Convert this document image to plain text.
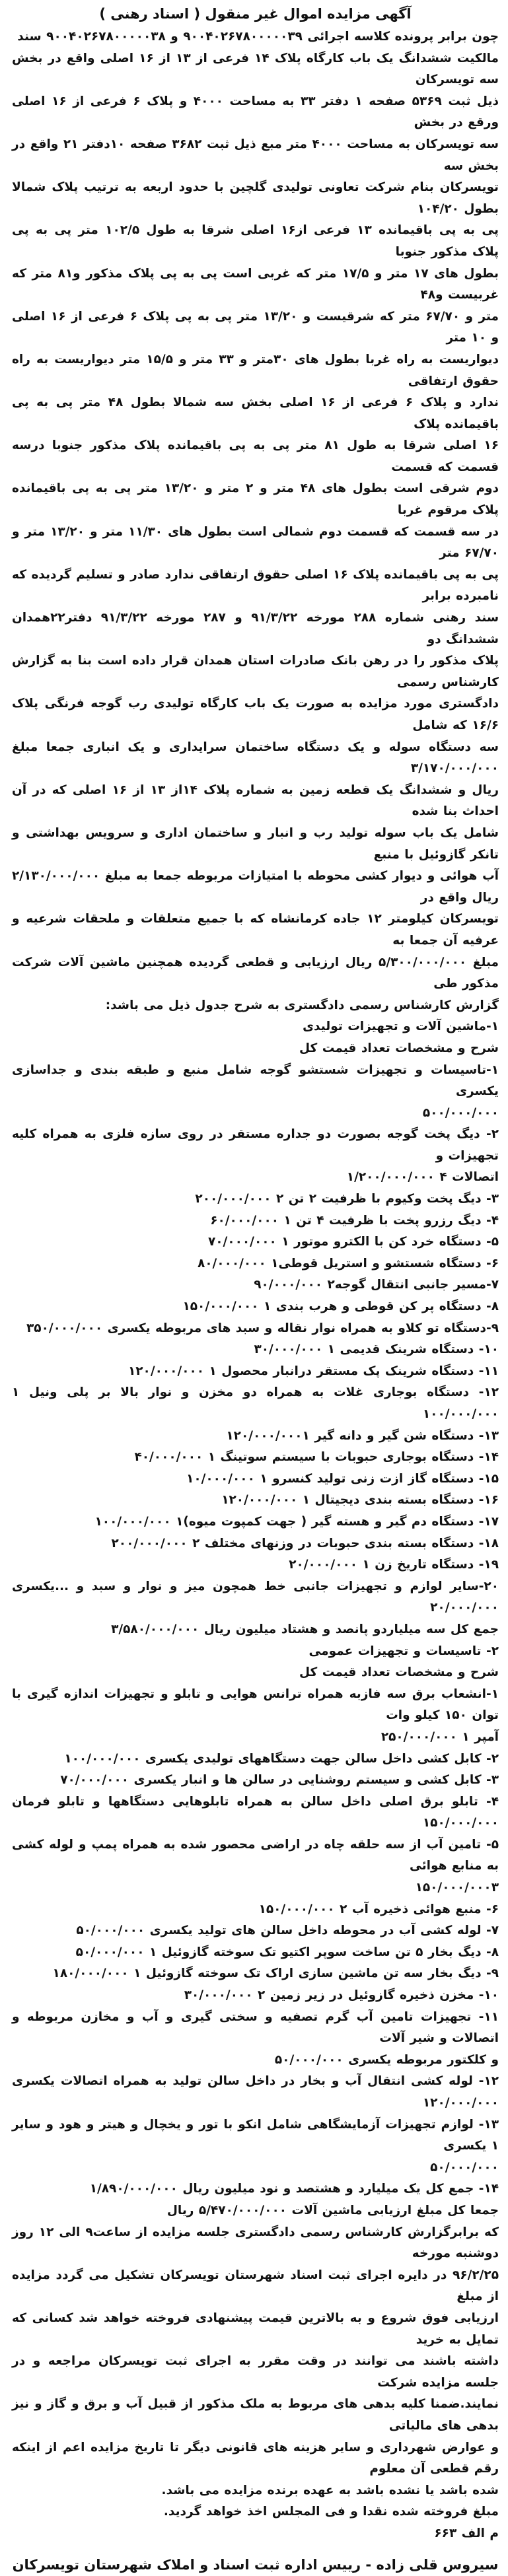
آگهی مزایده اموال غیر منقول ( اسناد رهنی )
چون برابر پرونده کلاسه اجرائی ۹۰۰۴۰۲۶۷۸۰۰۰۰۰۳۹ و ۹۰۰۴۰۲۶۷۸۰۰۰۰۰۳۸ سند
مالکیت ششدانگ یک باب کارگاه پلاک ۱۴ فرعی از ۱۳ از ۱۶ اصلی واقع در بخش سه تویسرکان
ذیل ثبت ۵۳۶۹ صفحه ۱ دفتر ۳۳ به مساحت ۴۰۰۰ و پلاک ۶ فرعی از ۱۶ اصلی ورقع در بخش
سه تویسرکان به مساحت ۴۰۰۰ متر مبع ذیل ثبت ۳۶۸۲ صفحه ۱۰دفتر ۲۱ واقع در بخش سه
تویسرکان بنام شرکت تعاونی تولیدی گلچین با حدود اربعه به ترتیب پلاک شمالا بطول ۱۰۴/۲۰
پی به پی باقیمانده ۱۳ فرعی از۱۶ اصلی شرقا به طول ۱۰۲/۵ متر پی به پی پلاک مذکور جنوبا
بطول های ۱۷ متر و ۱۷/۵ متر که غربی است پی به پی پلاک مذکور و۸۱ متر که غربیست و۴۸
متر و ۶۷/۷۰ متر که شرقیست و ۱۳/۲۰ متر پی به پی پلاک ۶ فرعی از ۱۶ اصلی و ۱۰ متر
دیواریست به راه غربا بطول های ۳۰متر و ۳۳ متر و ۱۵/۵ متر دیواریست به راه حقوق ارتفاقی
ندارد و پلاک ۶ فرعی از ۱۶ اصلی بخش سه شمالا بطول ۴۸ متر پی به پی باقیمانده پلاک
۱۶ اصلی شرقا به طول ۸۱ متر پی به پی باقیمانده پلاک مذکور جنوبا درسه قسمت که قسمت
دوم شرقی است بطول های ۴۸ متر و ۲ متر و ۱۳/۲۰ متر پی به پی باقیمانده پلاک مرقوم غربا
در سه قسمت که قسمت دوم شمالی است بطول های ۱۱/۳۰ متر و ۱۳/۲۰ متر و ۶۷/۷۰ متر
پی به پی باقیمانده پلاک ۱۶ اصلی حقوق ارتفاقی ندارد صادر و تسلیم گردیده که نامبرده برابر
سند رهنی شماره ۲۸۸ مورخه ۹۱/۳/۲۲ و ۲۸۷ مورخه ۹۱/۳/۲۲ دفتر۲۲همدان ششدانگ دو
پلاک مذکور را در رهن بانک صادرات استان همدان قرار داده است بنا به گزارش کارشناس رسمی
دادگستری مورد مزایده به صورت یک باب کارگاه تولیدی رب گوجه فرنگی پلاک ۱۶/۶ که شامل
سه دستگاه سوله و یک دستگاه ساختمان سرایداری و یک انباری جمعا مبلغ ۳/۱۷۰/۰۰۰/۰۰۰
ریال و ششدانگ یک قطعه زمین به شماره پلاک ۱۴از ۱۳ از ۱۶ اصلی که در آن احداث بنا شده
شامل یک باب سوله تولید رب و انبار و ساختمان اداری و سرویس بهداشتی و تانکر گازوئیل با منبع
آب هوائی و دیوار کشی محوطه با امتیازات مربوطه جمعا به مبلغ ۲/۱۳۰/۰۰۰/۰۰۰ ریال واقع در
تویسرکان کیلومتر ۱۲ جاده کرمانشاه که با جمیع متعلقات و ملحقات شرعیه و عرفیه آن جمعا به
مبلغ ۵/۳۰۰/۰۰۰/۰۰۰ ریال ارزیابی و قطعی گردیده همچنین ماشین آلات شرکت مذکور طی
گزارش کارشناس رسمی دادگستری به شرح جدول ذیل می باشد:
۱-ماشین آلات و تجهیزات تولیدی
شرح و مشخصات تعداد قیمت کل
۱-تاسیسات و تجهیزات شستشو گوجه شامل منبع و طبقه بندی و جداسازی یکسری
۵۰۰/۰۰۰/۰۰۰
۲- دیگ پخت گوجه بصورت دو جداره مستقر در روی سازه فلزی به همراه کلیه تجهیزات و
اتصالات ۴ ۱/۲۰۰/۰۰۰/۰۰۰
۳- دیگ پخت وکیوم با ظرفیت ۲ تن ۲ ۲۰۰/۰۰۰/۰۰۰
۴- دیگ رزرو پخت با ظرفیت ۴ تن ۱ ۶۰/۰۰۰/۰۰۰
۵- دستگاه خرد کن با الکترو موتور ۱ ۷۰/۰۰۰/۰۰۰
۶- دستگاه شستشو و استریل قوطی۱ ۸۰/۰۰۰/۰۰۰
۷-مسیر جانبی انتقال گوجه۲ ۹۰/۰۰۰/۰۰۰
۸- دستگاه پر کن قوطی و هرب بندی ۱ ۱۵۰/۰۰۰/۰۰۰
۹-دستگاه تو کلاو به همراه نوار نقاله و سبد های مربوطه یکسری ۳۵۰/۰۰۰/۰۰۰
۱۰- دستگاه شرینک قدیمی ۱ ۳۰/۰۰۰/۰۰۰
۱۱- دستگاه شرینک پک مستقر درانبار محصول ۱ ۱۲۰/۰۰۰/۰۰۰
۱۲- دستگاه بوجاری غلات به همراه دو مخزن و نوار بالا بر پلی ونیل ۱ ۱۰۰/۰۰۰/۰۰۰
۱۳- دستگاه شن گیر و دانه گیر ۱۲۰/۰۰۰/۰۰۰۱
۱۴- دستگاه بوجاری حبوبات با سیستم سوتینگ ۱ ۴۰/۰۰۰/۰۰۰
۱۵- دستگاه گاز ازت زنی تولید کنسرو ۱ ۱۰/۰۰۰/۰۰۰
۱۶- دستگاه بسته بندی دیجیتال ۱ ۱۲۰/۰۰۰/۰۰۰
۱۷- دستگاه دم گیر و هسته گیر ( جهت کمپوت میوه)۱ ۱۰۰/۰۰۰/۰۰۰
۱۸- دستگاه بسته بندی حبوبات در وزنهای مختلف ۲ ۲۰۰/۰۰۰/۰۰۰
۱۹- دستگاه تاریخ زن ۱ ۲۰/۰۰۰/۰۰۰
۲۰-سایر لوازم و تجهیزات جانبی خط همچون میز و نوار و سبد و ...یکسری ۲۰/۰۰۰/۰۰۰
جمع کل سه میلیاردو پانصد و هشتاد میلیون ریال ۳/۵۸۰/۰۰۰/۰۰۰
۲- تاسیسات و تجهیزات عمومی
شرح و مشخصات تعداد قیمت کل
۱-انشعاب برق سه فازبه همراه ترانس هوایی و تابلو و تجهیزات اندازه گیری با توان ۱۵۰ کیلو وات
آمپر ۱ ۲۵۰/۰۰۰/۰۰۰
۲- کابل کشی داخل سالن جهت دستگاههای تولیدی یکسری ۱۰۰/۰۰۰/۰۰۰
۳- کابل کشی و سیستم روشنایی در سالن ها و انبار یکسری ۷۰/۰۰۰/۰۰۰
۴- تابلو برق اصلی داخل سالن به همراه تابلوهایی دستگاهها و تابلو فرمان ۱۵۰/۰۰۰/۰۰۰
۵- تامین آب از سه حلقه چاه در اراضی محصور شده به همراه پمپ و لوله کشی به منابع هوائی
۱۵۰/۰۰۰/۰۰۰۳
۶- منبع هوائی ذخیره آب ۲ ۱۵۰/۰۰۰/۰۰۰
۷- لوله کشی آب در محوطه داخل سالن های تولید یکسری ۵۰/۰۰۰/۰۰۰
۸- دیگ بخار ۵ تن ساخت سوپر اکتیو تک سوخته گازوئیل ۱ ۵۰/۰۰۰/۰۰۰
۹- دیگ بخار سه تن ماشین سازی اراک تک سوخته گازوئیل ۱ ۱۸۰/۰۰۰/۰۰۰
۱۰- مخزن ذخیره گازوئیل در زیر زمین ۲ ۳۰/۰۰۰/۰۰۰
۱۱- تجهیزات تامین آب گرم تصفیه و سختی گیری و آب و مخازن مربوطه و اتصالات و شیر آلات
و کلکتور مربوطه یکسری ۵۰/۰۰۰/۰۰۰
۱۲- لوله کشی انتقال آب و بخار در داخل سالن تولید به همراه اتصالات یکسری ۱۲۰/۰۰۰/۰۰۰
۱۳- لوازم تجهیزات آزمایشگاهی شامل انکو با تور و یخچال و هیتر و هود و سایر ۱ یکسری
۵۰/۰۰۰/۰۰۰
۱۴- جمع کل یک میلیارد و هشتصد و نود میلیون ریال ۱/۸۹۰/۰۰۰/۰۰۰
جمعا کل مبلغ ارزیابی ماشین آلات ۵/۴۷۰/۰۰۰/۰۰۰ ریال
که برابرگزارش کارشناس رسمی دادگستری جلسه مزایده از ساعت۹ الی ۱۲ روز دوشنبه مورخه
۹۶/۲/۲۵ در دایره اجرای ثبت اسناد شهرستان تویسرکان تشکیل می گردد مزایده از مبلغ
ارزیابی فوق شروع و به بالاترین قیمت پیشنهادی فروخته خواهد شد کسانی که تمایل به خرید
داشته باشند می توانند در وقت مقرر به اجرای ثبت تویسرکان مراجعه و در جلسه مزایده شرکت
نمایند.ضمنا کلیه بدهی های مربوط به ملک مذکور از قبیل آب و برق و گاز و نیز بدهی های مالیاتی
و عوارض شهرداری و سایر هزینه های قانونی دیگر تا تاریخ مزایده اعم از اینکه رقم قطعی آن معلوم
شده باشد یا نشده باشد به عهده برنده مزایده می باشد.
مبلغ فروخته شده نقدا و فی المجلس اخذ خواهد گردید.
م الف ۶۶۳
سیروس قلی زاده - رییس اداره ثبت اسناد و املاک شهرستان تویسرکان
